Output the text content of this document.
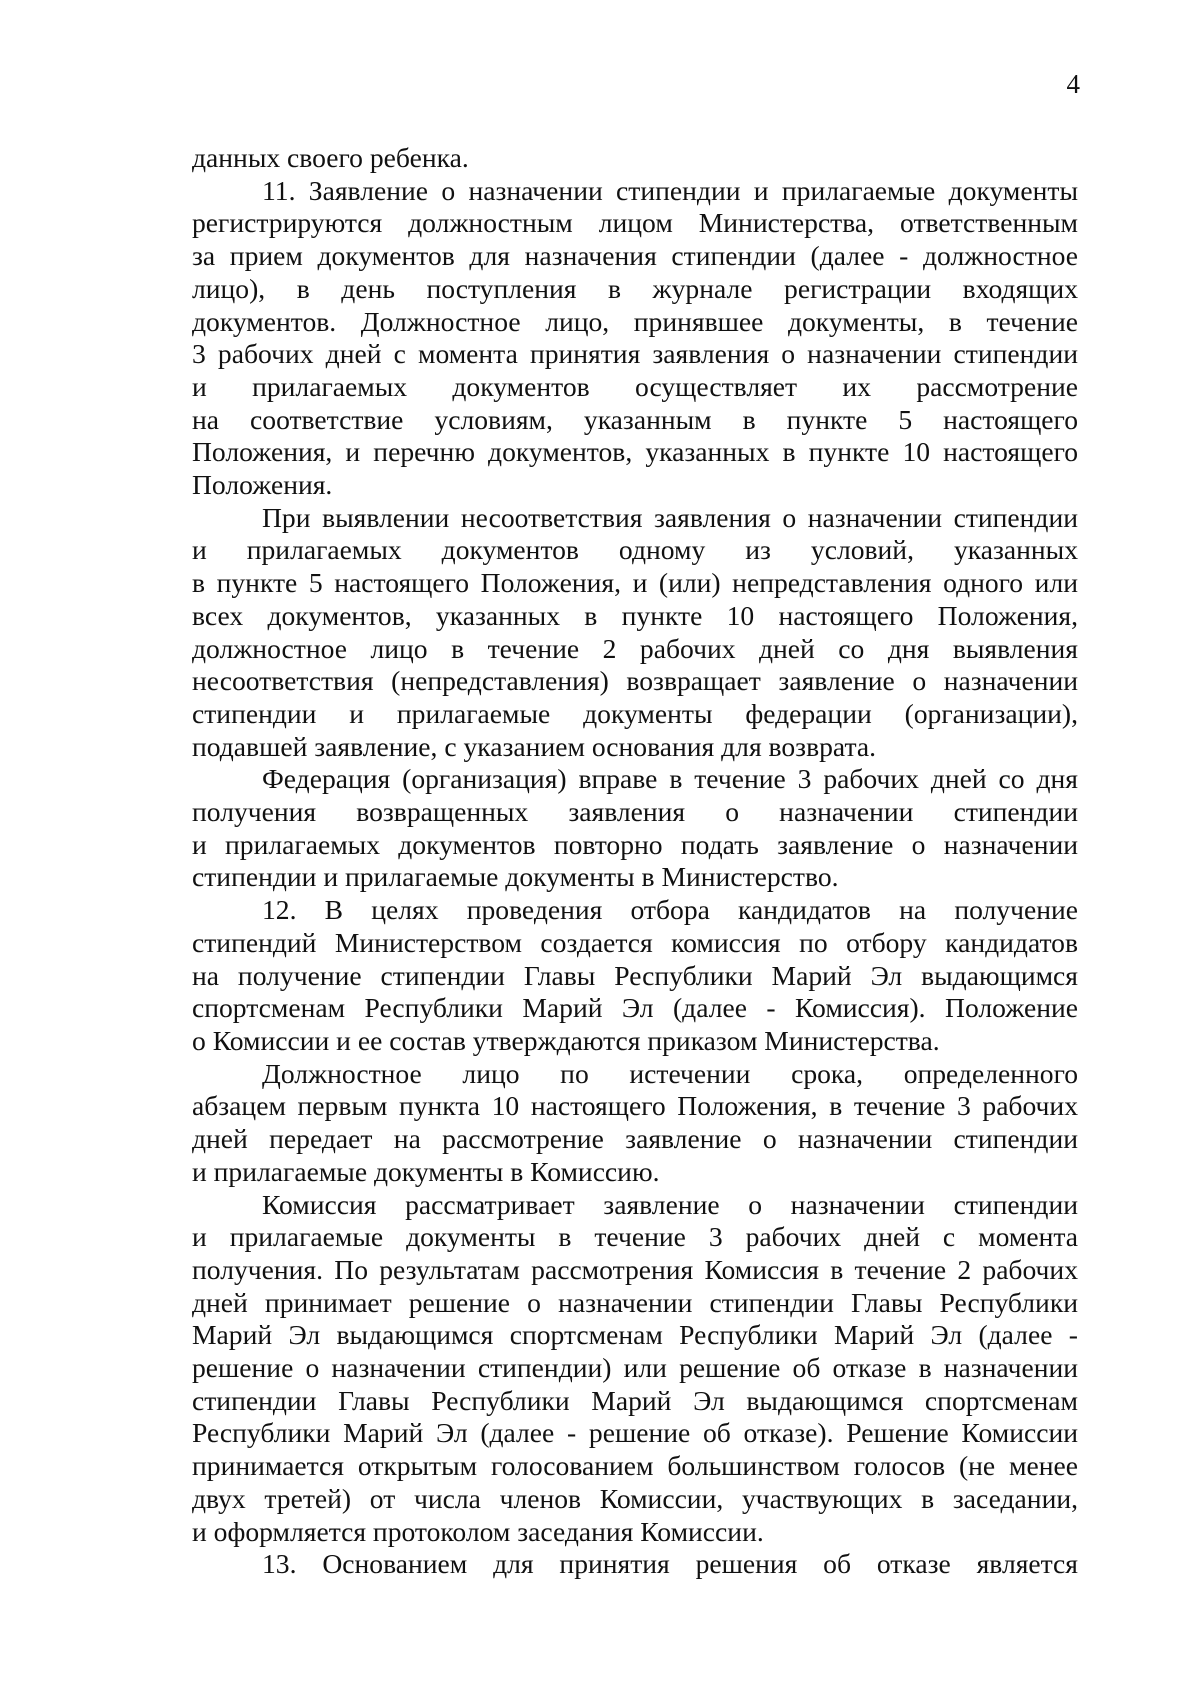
4
данных своего ребенка.
11. Заявление о назначении стипендии и прилагаемые документы
регистрируются должностным лицом Министерства, ответственным
за прием документов для назначения стипендии (далее - должностное
лицо), в день поступления в журнале регистрации входящих
документов. Должностное лицо, принявшее документы, в течение
3 рабочих дней с момента принятия заявления о назначении стипендии
и прилагаемых документов осуществляет их рассмотрение
на соответствие условиям, указанным в пункте 5 настоящего
Положения, и перечню документов, указанных в пункте 10 настоящего
Положения.
При выявлении несоответствия заявления о назначении стипендии
и прилагаемых документов одному из условий, указанных
в пункте 5 настоящего Положения, и (или) непредставления одного или
всех документов, указанных в пункте 10 настоящего Положения,
должностное лицо в течение 2 рабочих дней со дня выявления
несоответствия (непредставления) возвращает заявление о назначении
стипендии и прилагаемые документы федерации (организации),
подавшей заявление, с указанием основания для возврата.
Федерация (организация) вправе в течение 3 рабочих дней со дня
получения возвращенных заявления о назначении стипендии
и прилагаемых документов повторно подать заявление о назначении
стипендии и прилагаемые документы в Министерство.
12. В целях проведения отбора кандидатов на получение
стипендий Министерством создается комиссия по отбору кандидатов
на получение стипендии Главы Республики Марий Эл выдающимся
спортсменам Республики Марий Эл (далее - Комиссия). Положение
о Комиссии и ее состав утверждаются приказом Министерства.
Должностное лицо по истечении срока, определенного
абзацем первым пункта 10 настоящего Положения, в течение 3 рабочих
дней передает на рассмотрение заявление о назначении стипендии
и прилагаемые документы в Комиссию.
Комиссия рассматривает заявление о назначении стипендии
и прилагаемые документы в течение 3 рабочих дней с момента
получения. По результатам рассмотрения Комиссия в течение 2 рабочих
дней принимает решение о назначении стипендии Главы Республики
Марий Эл выдающимся спортсменам Республики Марий Эл (далее -
решение о назначении стипендии) или решение об отказе в назначении
стипендии Главы Республики Марий Эл выдающимся спортсменам
Республики Марий Эл (далее - решение об отказе). Решение Комиссии
принимается открытым голосованием большинством голосов (не менее
двух третей) от числа членов Комиссии, участвующих в заседании,
и оформляется протоколом заседания Комиссии.
13. Основанием для принятия решения об отказе является
